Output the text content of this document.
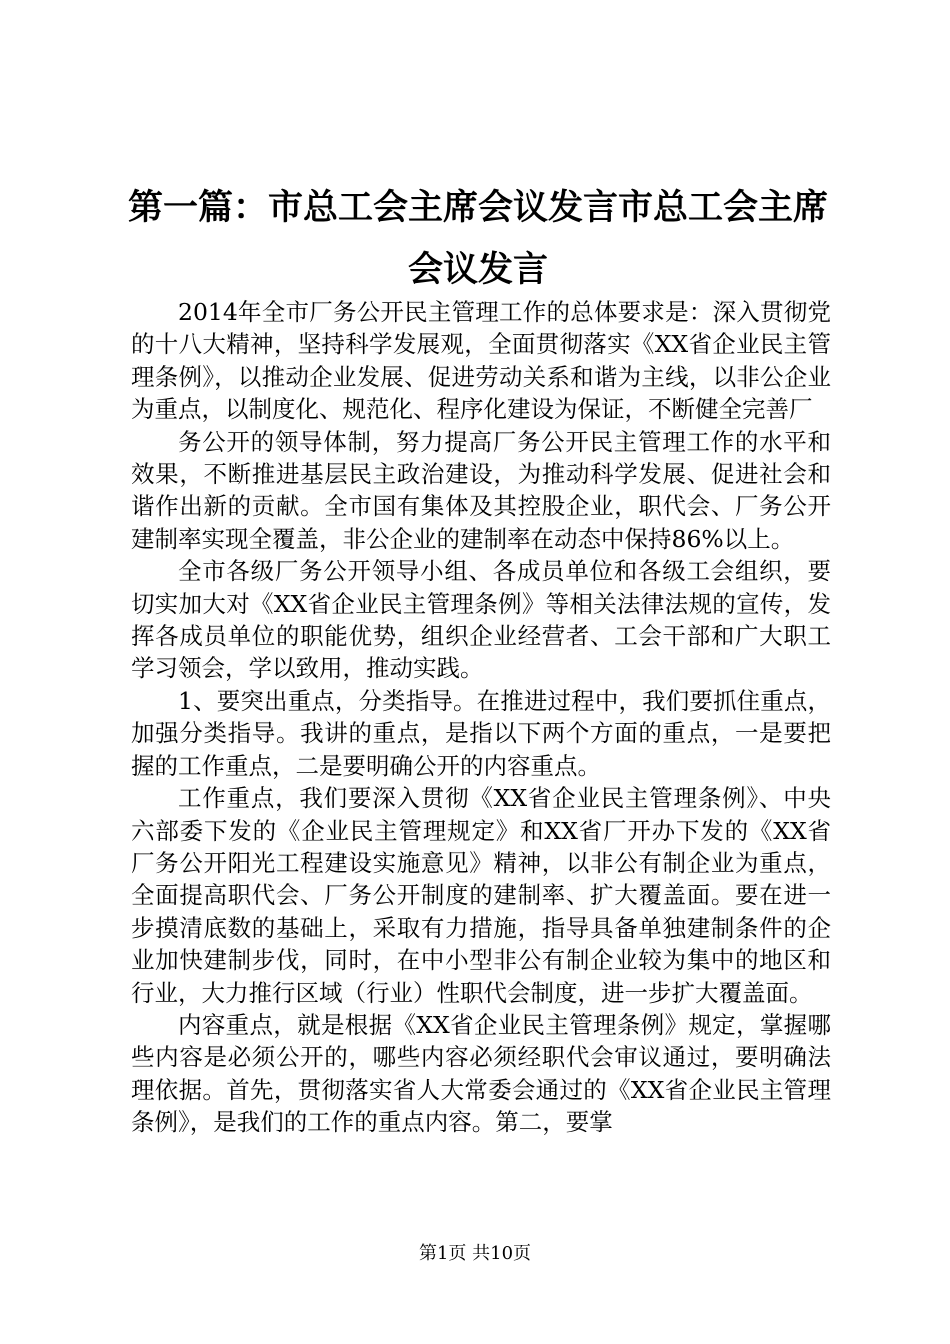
第一篇：市总工会主席会议发言市总工会主席会议发言

2014年全市厂务公开民主管理工作的总体要求是：深入贯彻党的十八大精神，坚持科学发展观，全面贯彻落实《XX省企业民主管理条例》，以推动企业发展、促进劳动关系和谐为主线，以非公企业为重点，以制度化、规范化、程序化建设为保证，不断健全完善厂

务公开的领导体制，努力提高厂务公开民主管理工作的水平和效果，不断推进基层民主政治建设，为推动科学发展、促进社会和谐作出新的贡献。全市国有集体及其控股企业，职代会、厂务公开建制率实现全覆盖，非公企业的建制率在动态中保持86%以上。

全市各级厂务公开领导小组、各成员单位和各级工会组织，要切实加大对《XX省企业民主管理条例》等相关法律法规的宣传，发挥各成员单位的职能优势，组织企业经营者、工会干部和广大职工学习领会，学以致用，推动实践。

1、要突出重点，分类指导。在推进过程中，我们要抓住重点，加强分类指导。我讲的重点，是指以下两个方面的重点，一是要把握的工作重点，二是要明确公开的内容重点。

工作重点，我们要深入贯彻《XX省企业民主管理条例》、中央六部委下发的《企业民主管理规定》和XX省厂开办下发的《XX省厂务公开阳光工程建设实施意见》精神，以非公有制企业为重点，全面提高职代会、厂务公开制度的建制率、扩大覆盖面。要在进一步摸清底数的基础上，采取有力措施，指导具备单独建制条件的企业加快建制步伐，同时，在中小型非公有制企业较为集中的地区和行业，大力推行区域（行业）性职代会制度，进一步扩大覆盖面。

内容重点，就是根据《XX省企业民主管理条例》规定，掌握哪些内容是必须公开的，哪些内容必须经职代会审议通过，要明确法理依据。首先，贯彻落实省人大常委会通过的《XX省企业民主管理条例》，是我们的工作的重点内容。第二，要掌

第1页 共10页
